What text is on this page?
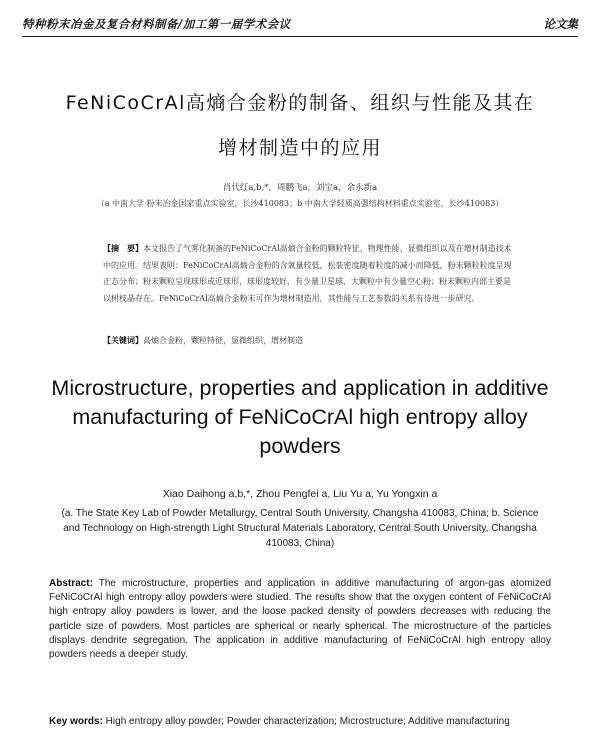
特种粉末冶金及复合材料制备/加工第一届学术会议	论文集
FeNiCoCrAl高熵合金粉的制备、组织与性能及其在
增材制造中的应用
肖代红a,b,*，周鹏飞a，刘宝a，余永新a
（a 中南大学 粉末冶金国家重点实验室，长沙410083；b 中南大学轻质高强结构材料重点实验室，长沙410083）
【摘　要】本文报告了气雾化制备的FeNiCoCrAl高熵合金粉的颗粒特征、物理性能、显微组织以及在增材制造技术中的应用。结果表明：FeNiCoCrAl高熵合金粉的含氧量较低，松装密度随着粒度的减小而降低，粉末颗粒粒度呈现正态分布；粉末颗粒呈现球形或近球形，球形度较好，有少量卫星球，大颗粒中有少量空心粉；粉末颗粒内部主要是以树枝晶存在。FeNiCoCrAl高熵合金粉末可作为增材制造用，其性能与工艺参数的关系有待进一步研究。
【关键词】高熵合金粉，颗粒特征，显微组织，增材制造
Microstructure, properties and application in additive manufacturing of FeNiCoCrAl high entropy alloy powders
Xiao Daihong a,b,*, Zhou Pengfei a, Liu Yu a, Yu Yongxin a
(a. The State Key Lab of Powder Metallurgy, Central South University, Changsha 410083, China; b. Science and Technology on High-strength Light Structural Materials Laboratory, Central South University, Changsha 410083, China)
Abstract: The microstructure, properties and application in additive manufacturing of argon-gas atomized FeNiCoCrAl high entropy alloy powders were studied. The results show that the oxygen content of FeNiCoCrAl high entropy alloy powders is lower, and the loose packed density of powders decreases with reducing the particle size of powders. Most particles are spherical or nearly spherical. The microstructure of the particles displays dendrite segregation. The application in additive manufacturing of FeNiCoCrAl high entropy alloy powders needs a deeper study.
Key words: High entropy alloy powder; Powder characterization; Microstructure; Additive manufacturing
